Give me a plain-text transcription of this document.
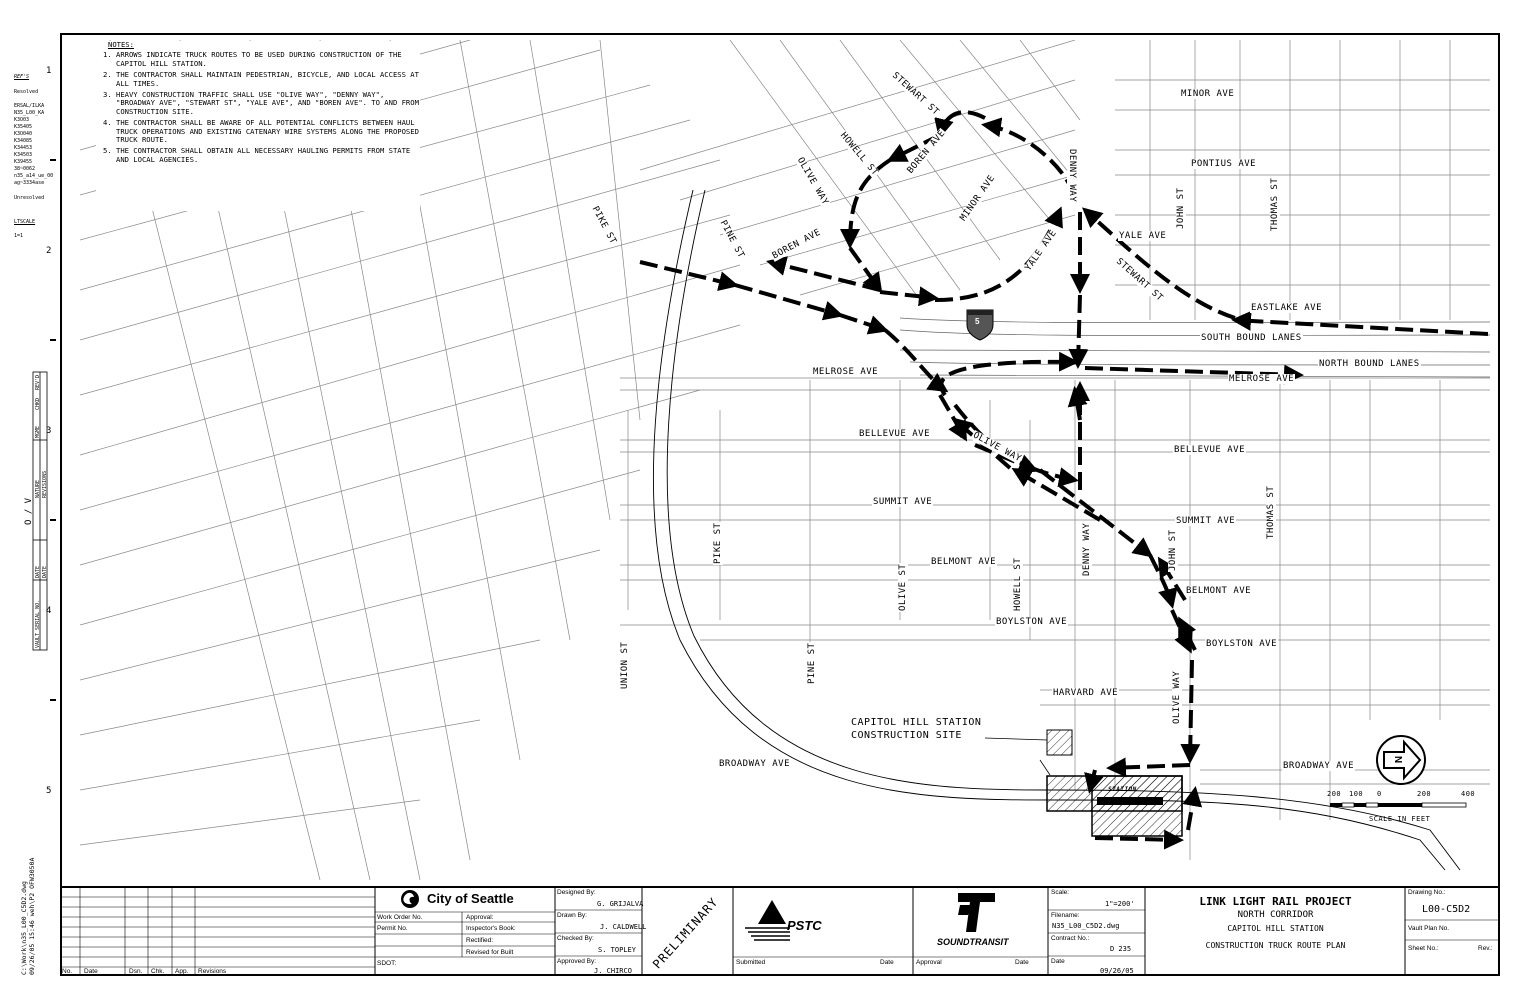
NOTES:
1. ARROWS INDICATE TRUCK ROUTES TO BE USED DURING CONSTRUCTION OF THE CAPITOL HILL STATION.
2. THE CONTRACTOR SHALL MAINTAIN PEDESTRIAN, BICYCLE, AND LOCAL ACCESS AT ALL TIMES.
3. HEAVY CONSTRUCTION TRAFFIC SHALL USE "OLIVE WAY", "DENNY WAY", "BROADWAY AVE", "STEWART ST", "YALE AVE", AND "BOREN AVE". TO AND FROM CONSTRUCTION SITE.
4. THE CONTRACTOR SHALL BE AWARE OF ALL POTENTIAL CONFLICTS BETWEEN HAUL TRUCK OPERATIONS AND EXISTING CATENARY WIRE SYSTEMS ALONG THE PROPOSED TRUCK ROUTE.
5. THE CONTRACTOR SHALL OBTAIN ALL NECESSARY HAULING PERMITS FROM STATE AND LOCAL AGENCIES.
STEWART ST	MINOR AVE
PONTIUS AVE
HOWELL ST	BOREN AVE
OLIVE WAY	MINOR AVE	DENNY WAY
YALE AVE	YALE AVE
JOHN ST	THOMAS ST
STEWART ST
PIKE ST	PINE ST	BOREN AVE
EASTLAKE AVE
SOUTH BOUND LANES
NORTH BOUND LANES
MELROSE AVE
MELROSE AVE
BELLEVUE AVE	OLIVE WAY	BELLEVUE AVE
SUMMIT AVE
SUMMIT AVE
DENNY WAY	JOHN ST
THOMAS ST
PIKE ST	BELMONT AVE
BELMONT AVE
OLIVE ST	HOWELL ST
BOYLSTON AVE
BOYLSTON AVE
UNION ST	PINE ST
HARVARD AVE	OLIVE WAY
BROADWAY AVE	BROADWAY AVE
CAPITOL HILL STATION
CONSTRUCTION SITE
STATION
5
N
200 100 0	200	400
SCALE IN FEET
1
2
3
4
5
REF'S
Resolved
ERSAL/ILKA
N35_L00_KA
K3O03
K35405
K3O040
K34085
K34453
K34503
K39455
38~0062
n35_a14_ue_00
ag~3334ase
Unresolved
LTSCALE
1=1
VAULT SERIAL NO.
DATE DATE
NATURE REVISIONS
MGME
CHKD
REV'D
O / V
C:\Work\n35_L00_C5D2.dwg 09/26/05 15:46 weh\P2 OFW3050A	No. Date	Dsn. Chk. App. Revisions
City of Seattle
Work Order No.
Permit No.
SDOT:
Approval:
Inspector's Book:
Rectified:
Revised for Built
Designed By:
G. GRIJALVA
Drawn By:
J. CALDWELL
Checked By:
S. TOPLEY
Approved By:
J. CHIRCO PRELIMINARY	PSTC
Submitted	Date
SOUNDTRANSIT
Approval	Date
Scale:
1"=200'
Filename:
N35_L00_C5D2.dwg
Contract No.:
D 235
Date
09/26/05
LINK LIGHT RAIL PROJECT
NORTH CORRIDOR
CAPITOL HILL STATION
CONSTRUCTION TRUCK ROUTE PLAN
Drawing No.:
L00-C5D2
Vault Plan No.
Sheet No.:	Rev.:
